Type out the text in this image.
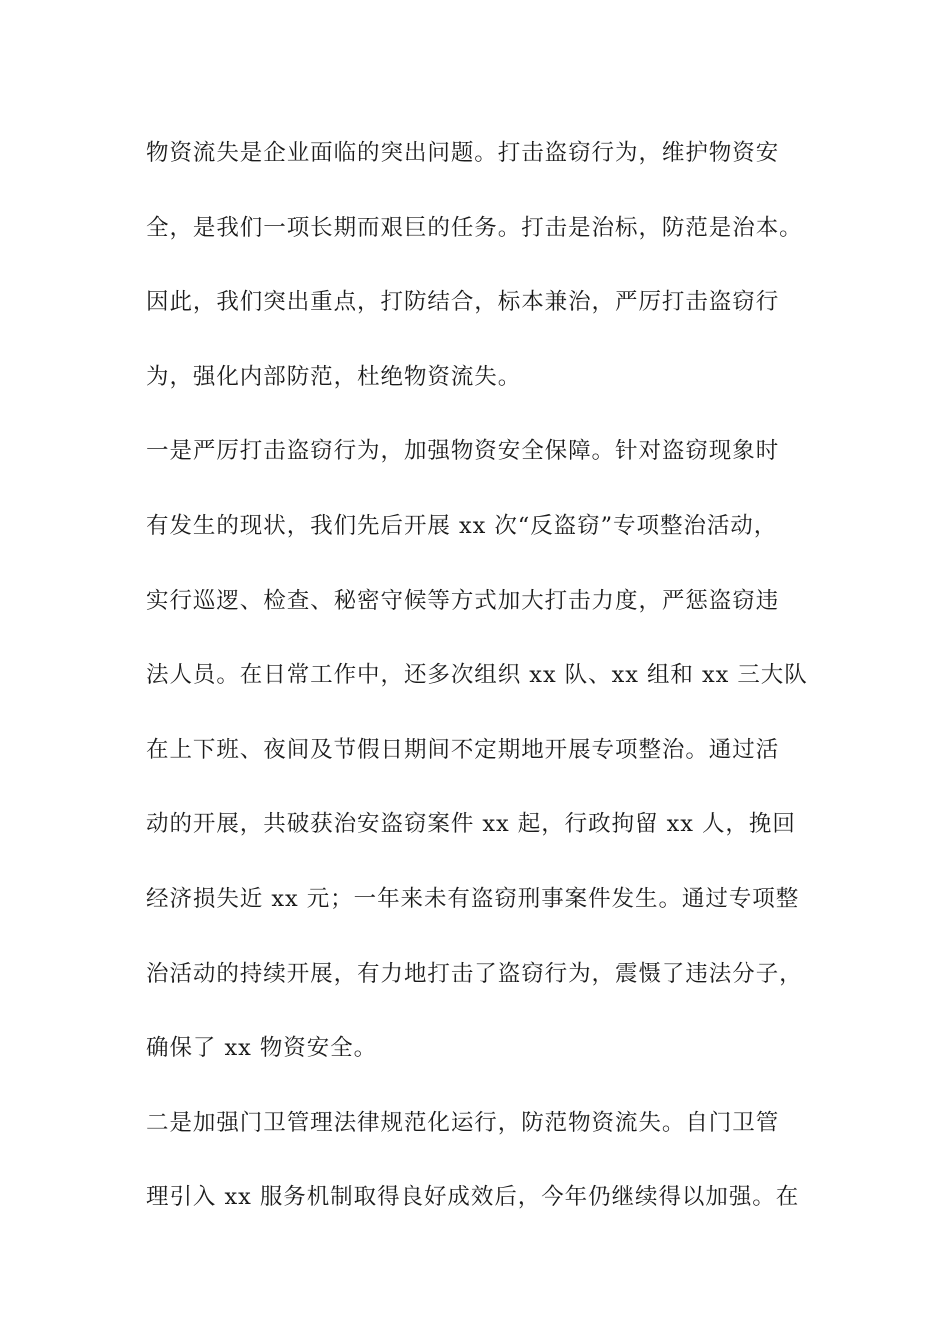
物资流失是企业面临的突出问题。打击盗窃行为，维护物资安
全，是我们一项长期而艰巨的任务。打击是治标，防范是治本。
因此，我们突出重点，打防结合，标本兼治，严厉打击盗窃行
为，强化内部防范，杜绝物资流失。
一是严厉打击盗窃行为，加强物资安全保障。针对盗窃现象时
有发生的现状，我们先后开展 xx 次“反盗窃”专项整治活动，
实行巡逻、检查、秘密守候等方式加大打击力度，严惩盗窃违
法人员。在日常工作中，还多次组织 xx 队、xx 组和 xx 三大队
在上下班、夜间及节假日期间不定期地开展专项整治。通过活
动的开展，共破获治安盗窃案件 xx 起，行政拘留 xx 人，挽回
经济损失近 xx 元；一年来未有盗窃刑事案件发生。通过专项整
治活动的持续开展，有力地打击了盗窃行为，震慑了违法分子，
确保了 xx 物资安全。
二是加强门卫管理法律规范化运行，防范物资流失。自门卫管
理引入 xx 服务机制取得良好成效后，今年仍继续得以加强。在
